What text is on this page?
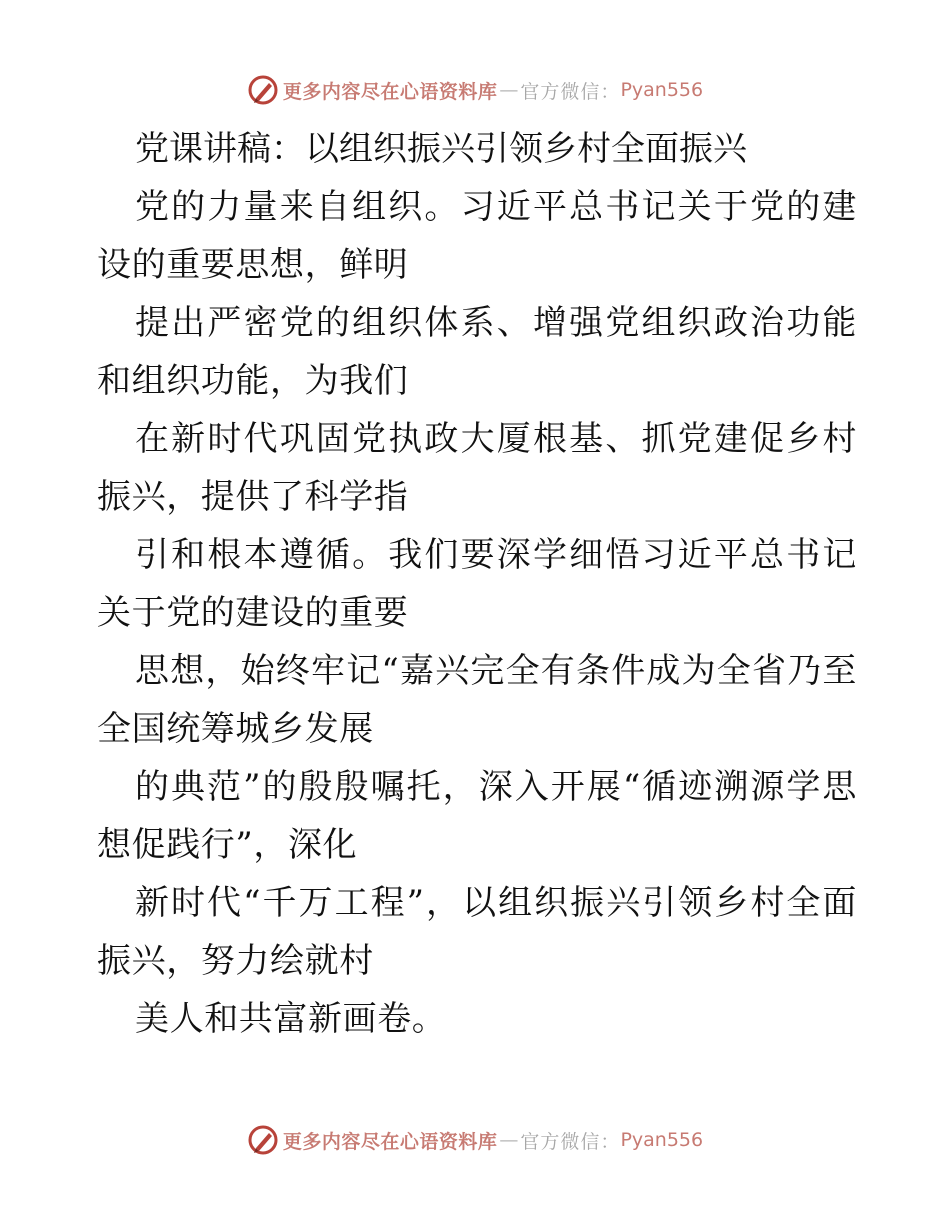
更多内容尽在心语资料库 — 官方微信： Pyan556

党课讲稿：以组织振兴引领乡村全面振兴

党的力量来自组织。习近平总书记关于党的建设的重要思想，鲜明

提出严密党的组织体系、增强党组织政治功能和组织功能，为我们

在新时代巩固党执政大厦根基、抓党建促乡村振兴，提供了科学指

引和根本遵循。我们要深学细悟习近平总书记关于党的建设的重要

思想，始终牢记“嘉兴完全有条件成为全省乃至全国统筹城乡发展

的典范”的殷殷嘱托，深入开展“循迹溯源学思想促践行”，深化

新时代“千万工程”，以组织振兴引领乡村全面振兴，努力绘就村

美人和共富新画卷。

更多内容尽在心语资料库 — 官方微信： Pyan556
